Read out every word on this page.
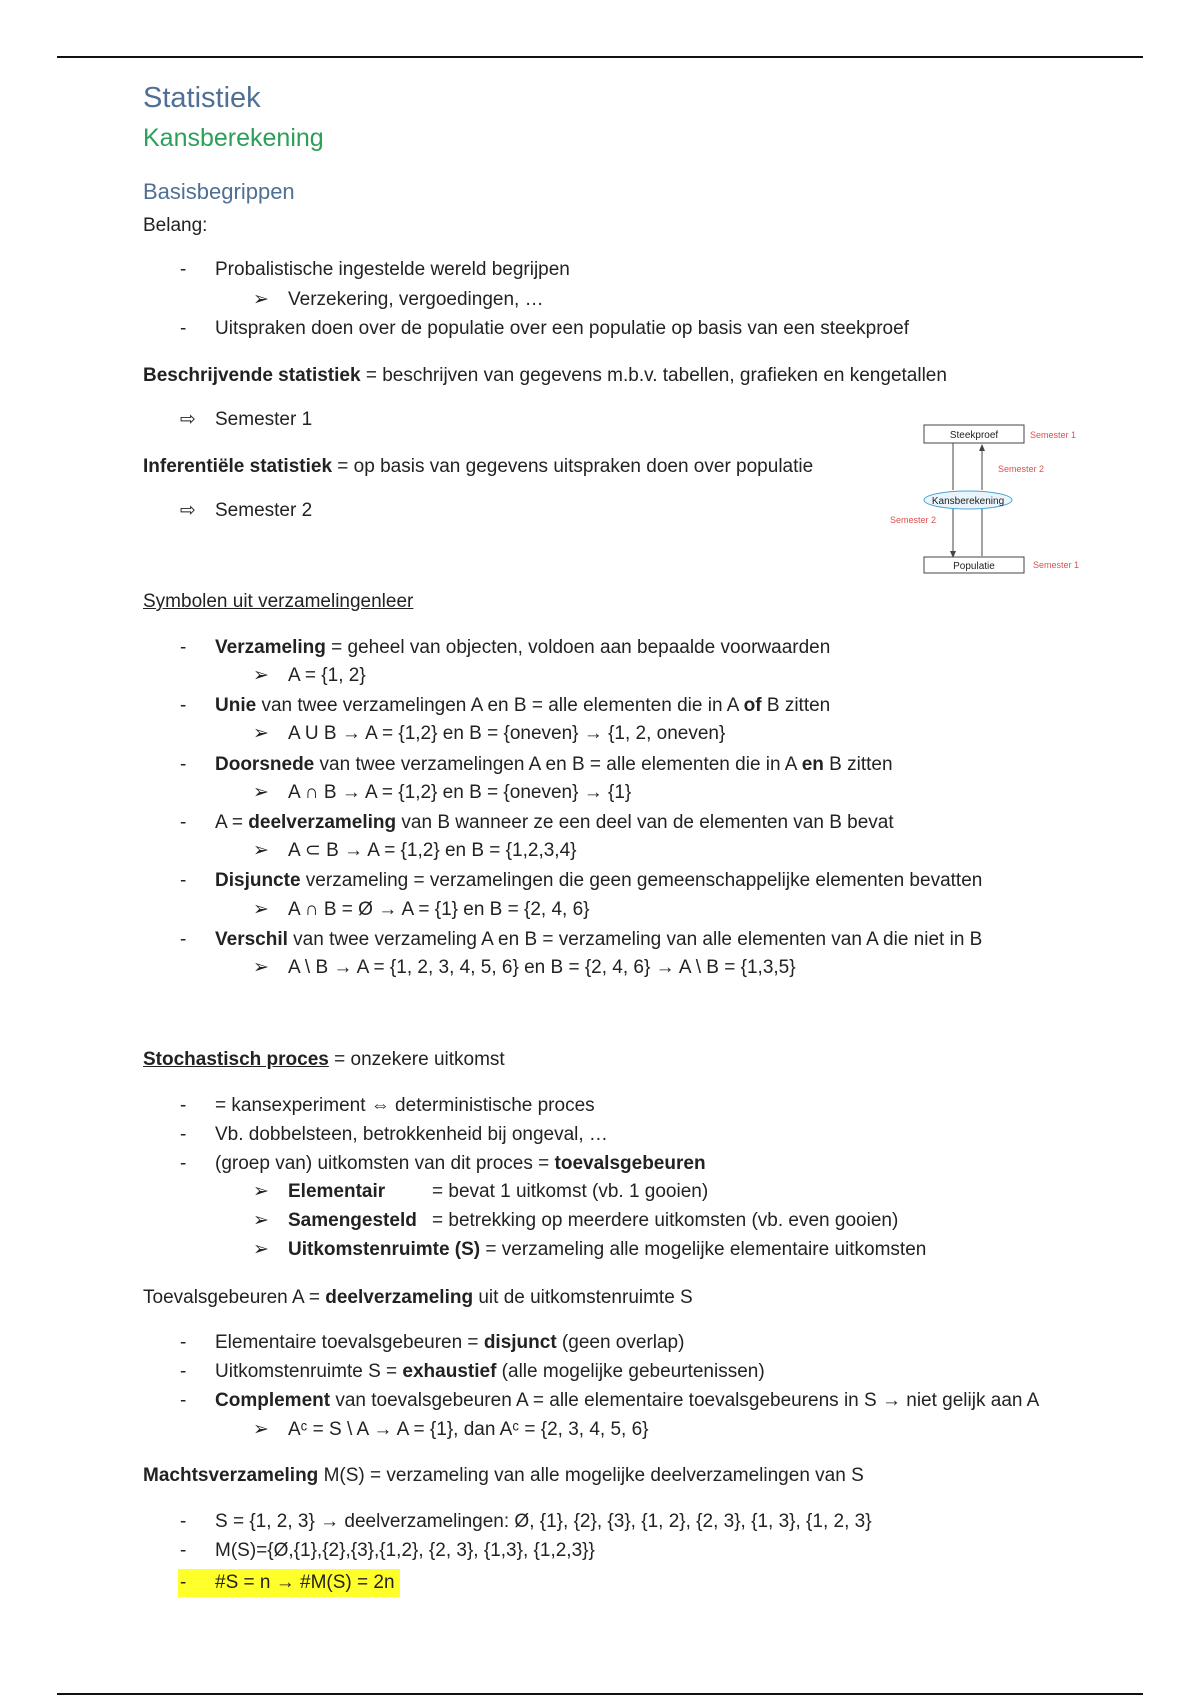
Statistiek
Kansberekening
Basisbegrippen
Belang:
- Probalistische ingestelde wereld begrijpen
➢ Verzekering, vergoedingen, …
- Uitspraken doen over de populatie over een populatie op basis van een steekproef
Beschrijvende statistiek = beschrijven van gegevens m.b.v. tabellen, grafieken en kengetallen
⇨ Semester 1
Inferentiële statistiek = op basis van gegevens uitspraken doen over populatie
⇨ Semester 2
Steekproef	Semester 1
Semester 2
Kansberekening
Semester 2
Populatie	Semester 1
Symbolen uit verzamelingenleer
- Verzameling = geheel van objecten, voldoen aan bepaalde voorwaarden
➢ A = {1, 2}
- Unie van twee verzamelingen A en B = alle elementen die in A of B zitten
➢ A U B → A = {1,2} en B = {oneven} → {1, 2, oneven}
- Doorsnede van twee verzamelingen A en B = alle elementen die in A en B zitten
➢ A ∩ B → A = {1,2} en B = {oneven} → {1}
- A = deelverzameling van B wanneer ze een deel van de elementen van B bevat
➢ A ⊂ B → A = {1,2} en B = {1,2,3,4}
- Disjuncte verzameling = verzamelingen die geen gemeenschappelijke elementen bevatten
➢ A ∩ B = Ø → A = {1} en B = {2, 4, 6}
- Verschil van twee verzameling A en B = verzameling van alle elementen van A die niet in B
➢ A \ B → A = {1, 2, 3, 4, 5, 6} en B = {2, 4, 6} → A \ B = {1,3,5}
Stochastisch proces = onzekere uitkomst
- = kansexperiment ⇔ deterministische proces
- Vb. dobbelsteen, betrokkenheid bij ongeval, …
- (groep van) uitkomsten van dit proces = toevalsgebeuren
➢ Elementair = bevat 1 uitkomst (vb. 1 gooien)
➢ Samengesteld = betrekking op meerdere uitkomsten (vb. even gooien)
➢ Uitkomstenruimte (S) = verzameling alle mogelijke elementaire uitkomsten
Toevalsgebeuren A = deelverzameling uit de uitkomstenruimte S
- Elementaire toevalsgebeuren = disjunct (geen overlap)
- Uitkomstenruimte S = exhaustief (alle mogelijke gebeurtenissen)
- Complement van toevalsgebeuren A = alle elementaire toevalsgebeurens in S → niet gelijk aan A
➢ Aᶜ = S \ A → A = {1}, dan Aᶜ = {2, 3, 4, 5, 6}
Machtsverzameling M(S) = verzameling van alle mogelijke deelverzamelingen van S
- S = {1, 2, 3} → deelverzamelingen: Ø, {1}, {2}, {3}, {1, 2}, {2, 3}, {1, 3}, {1, 2, 3}
- M(S)={Ø,{1},{2},{3},{1,2}, {2, 3}, {1,3}, {1,2,3}}
- #S = n → #M(S) = 2n
